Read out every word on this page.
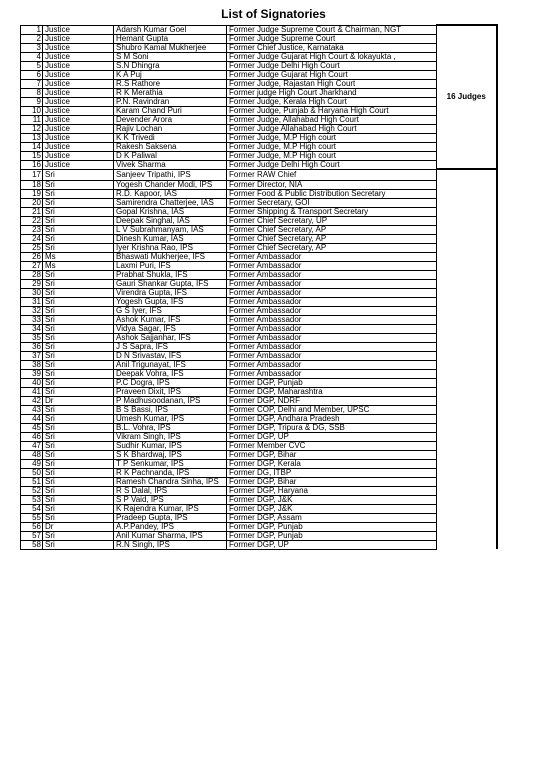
List of Signatories
1	Justice	Adarsh Kumar Goel	Former Judge Supreme Court & Chairman, NGT	16 Judges
2	Justice	Hemant Gupta	Former Judge Supreme Court	
3	Justice	Shubro Kamal Mukherjee	Former Chief Justice, Karnataka	
4	Justice	S M Soni	Former Judge Gujarat High Court & lokayukta ,	
5	Justice	S.N Dhingra	Former Judge Delhi High Court	
6	Justice	K A Puj	Former Judge Gujarat High Court	
7	Justice	R.S Rathore	Former Judge, Rajastan High Court	
8	Justice	R K Merathia	Former judge High Court Jharkhand	
9	Justice	P.N. Ravindran	Former Judge, Kerala High Court	
10	Justice	Karam Chand Puri	Former Judge, Punjab & Haryana High Court	
11	Justice	Devender Arora	Former Judge, Allahabad High Court	
12	Justice	Rajiv Lochan	Former Judge Allahabad High Court	
13	Justice	K K Trivedi	Former Judge, M.P High court	
14	Justice	Rakesh Saksena	Former Judge, M.P High court	
15	Justice	D K Paliwal	Former Judge, M.P High court	
16	Justice	Vivek Sharma	Former Judge Delhi High Court	
17	Sri	Sanjeev Tripathi, IPS	Former RAW Chief	
18	Sri	Yogesh Chander Modi, IPS	Former Director, NIA	
19	Sri	R.D. Kapoor, IAS	Former Food & Public Distribution Secretary	
20	Sri	Samirendra Chatterjee, IAS	Former Secretary, GOI	
21	Sri	Gopal Krishna, IAS	Former Shipping & Transport Secretary	
22	Sri	Deepak Singhal, IAS	Former Chief Secretary, UP	
23	Sri	L V Subrahmanyam, IAS	Former Chief Secretary, AP	
24	Sri	Dinesh Kumar, IAS	Former Chief Secretary, AP	
25	Sri	Iyer Krishna Rao, IPS	Former Chief Secretary, AP	
26	Ms	Bhaswati Mukherjee, IFS	Former Ambassador	
27	Ms	Laxmi Puri, IFS	Former Ambassador	
28	Sri	Prabhat Shukla, IFS	Former Ambassador	
29	Sri	Gauri Shankar Gupta, IFS	Former Ambassador	
30	Sri	Virendra Gupta, IFS	Former Ambassador	
31	Sri	Yogesh Gupta, IFS	Former Ambassador	
32	Sri	G S Iyer, IFS	Former Ambassador	
33	Sri	Ashok Kumar, IFS	Former Ambassador	
34	Sri	Vidya Sagar, IFS	Former Ambassador	
35	Sri	Ashok Sajjanhar, IFS	Former Ambassador	
36	Sri	J S Sapra, IFS	Former Ambassador	
37	Sri	D N Srivastav, IFS	Former Ambassador	
38	Sri	Anil Trigunayat, IFS	Former Ambassador	
39	Sri	Deepak Vohra, IFS	Former Ambassador	
40	Sri	P.C Dogra, IPS	Former DGP, Punjab	
41	Sri	Praveen Dixit, IPS	Former DGP, Maharashtra	
42	Dr	P Madhusoodanan, IPS	Former DGP, NDRF	
43	Sri	B S Bassi, IPS	Former COP, Delhi and Member, UPSC	
44	Sri	Umesh Kumar, IPS	Former DGP, Andhara Pradesh	
45	Sri	B.L. Vohra, IPS	Former DGP, Tripura & DG, SSB	
46	Sri	Vikram Singh, IPS	Former DGP, UP	
47	Sri	Sudhir Kumar, IPS	Former Member CVC	
48	Sri	S K Bhardwaj, IPS	Former DGP, Bihar	
49	Sri	T P Senkumar, IPS	Former DGP, Kerala	
50	Sri	R K Pachnanda, IPS	Former DG, ITBP	
51	Sri	Ramesh Chandra Sinha, IPS	Former DGP, Bihar	
52	Sri	R S Dalal, IPS	Former DGP, Haryana	
53	Sri	S P Vaid, IPS	Former DGP, J&K	
54	Sri	K Rajendra Kumar, IPS	Former DGP, J&K	
55	Sri	Pradeep Gupta, IPS	Former DGP, Assam	
56	Dr	A.P.Pandey, IPS	Former DGP, Punjab	
57	Sri	Anil Kumar Sharma, IPS	Former DGP, Punjab	
58	Sri	R.N Singh, IPS	Former DGP, UP	
